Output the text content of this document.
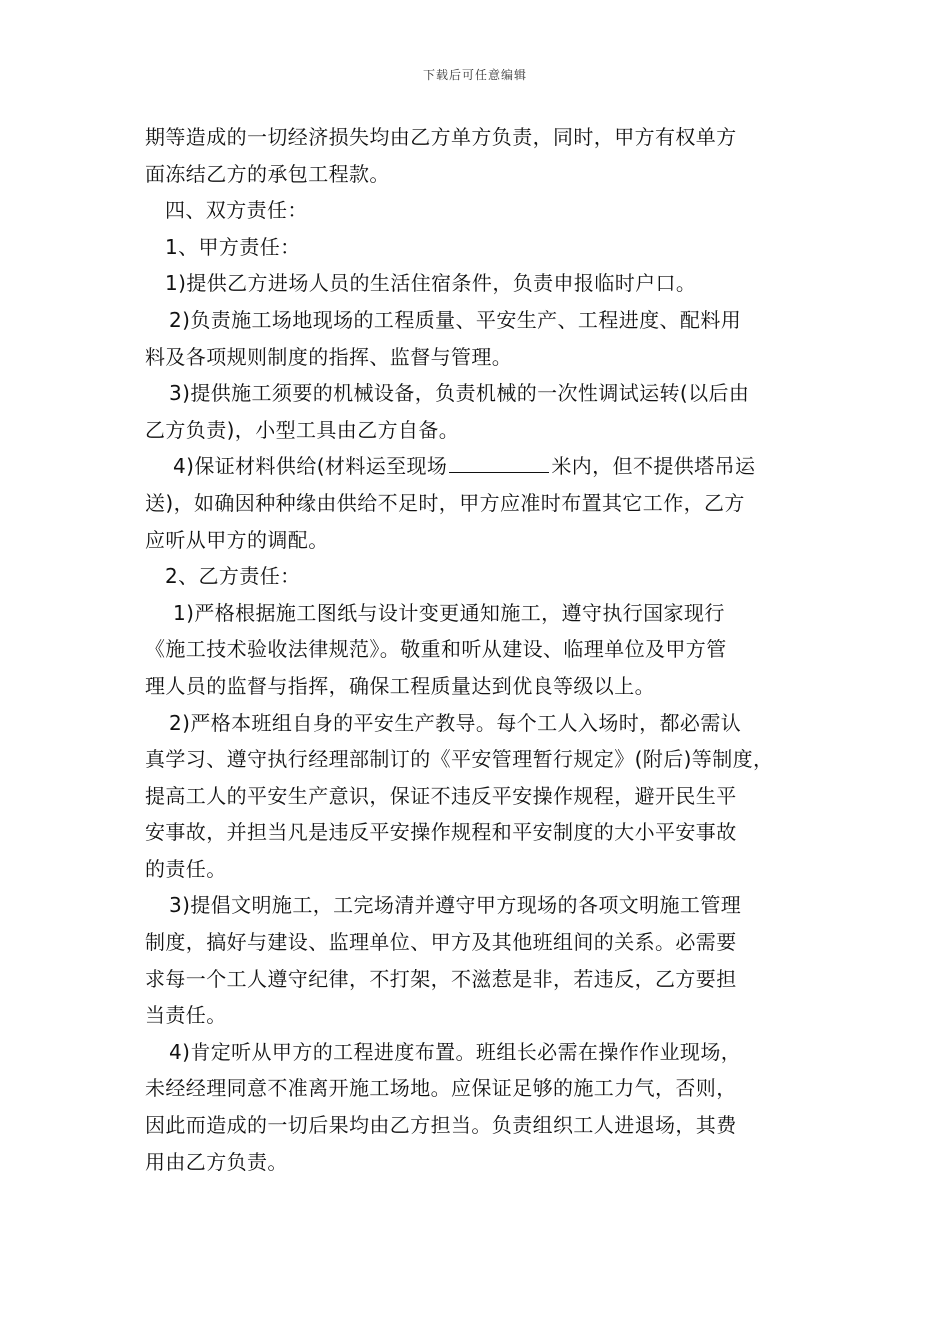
下载后可任意编辑

期等造成的一切经济损失均由乙方单方负责，同时，甲方有权单方

面冻结乙方的承包工程款。

四、双方责任：

1、甲方责任：

1)提供乙方进场人员的生活住宿条件，负责申报临时户口。

2)负责施工场地现场的工程质量、平安生产、工程进度、配料用

料及各项规则制度的指挥、监督与管理。

3)提供施工须要的机械设备，负责机械的一次性调试运转(以后由

乙方负责)，小型工具由乙方自备。

4)保证材料供给(材料运至现场	米内，但不提供塔吊运

送)，如确因种种缘由供给不足时，甲方应准时布置其它工作，乙方

应听从甲方的调配。

2、乙方责任：

1)严格根据施工图纸与设计变更通知施工，遵守执行国家现行

《施工技术验收法律规范》。敬重和听从建设、临理单位及甲方管

理人员的监督与指挥，确保工程质量达到优良等级以上。

2)严格本班组自身的平安生产教导。每个工人入场时，都必需认

真学习、遵守执行经理部制订的《平安管理暂行规定》(附后)等制度，

提高工人的平安生产意识，保证不违反平安操作规程，避开民生平

安事故，并担当凡是违反平安操作规程和平安制度的大小平安事故

的责任。

3)提倡文明施工，工完场清并遵守甲方现场的各项文明施工管理

制度，搞好与建设、监理单位、甲方及其他班组间的关系。必需要

求每一个工人遵守纪律，不打架，不滋惹是非，若违反，乙方要担

当责任。

4)肯定听从甲方的工程进度布置。班组长必需在操作作业现场，

未经经理同意不准离开施工场地。应保证足够的施工力气，否则，

因此而造成的一切后果均由乙方担当。负责组织工人进退场，其费

用由乙方负责。
